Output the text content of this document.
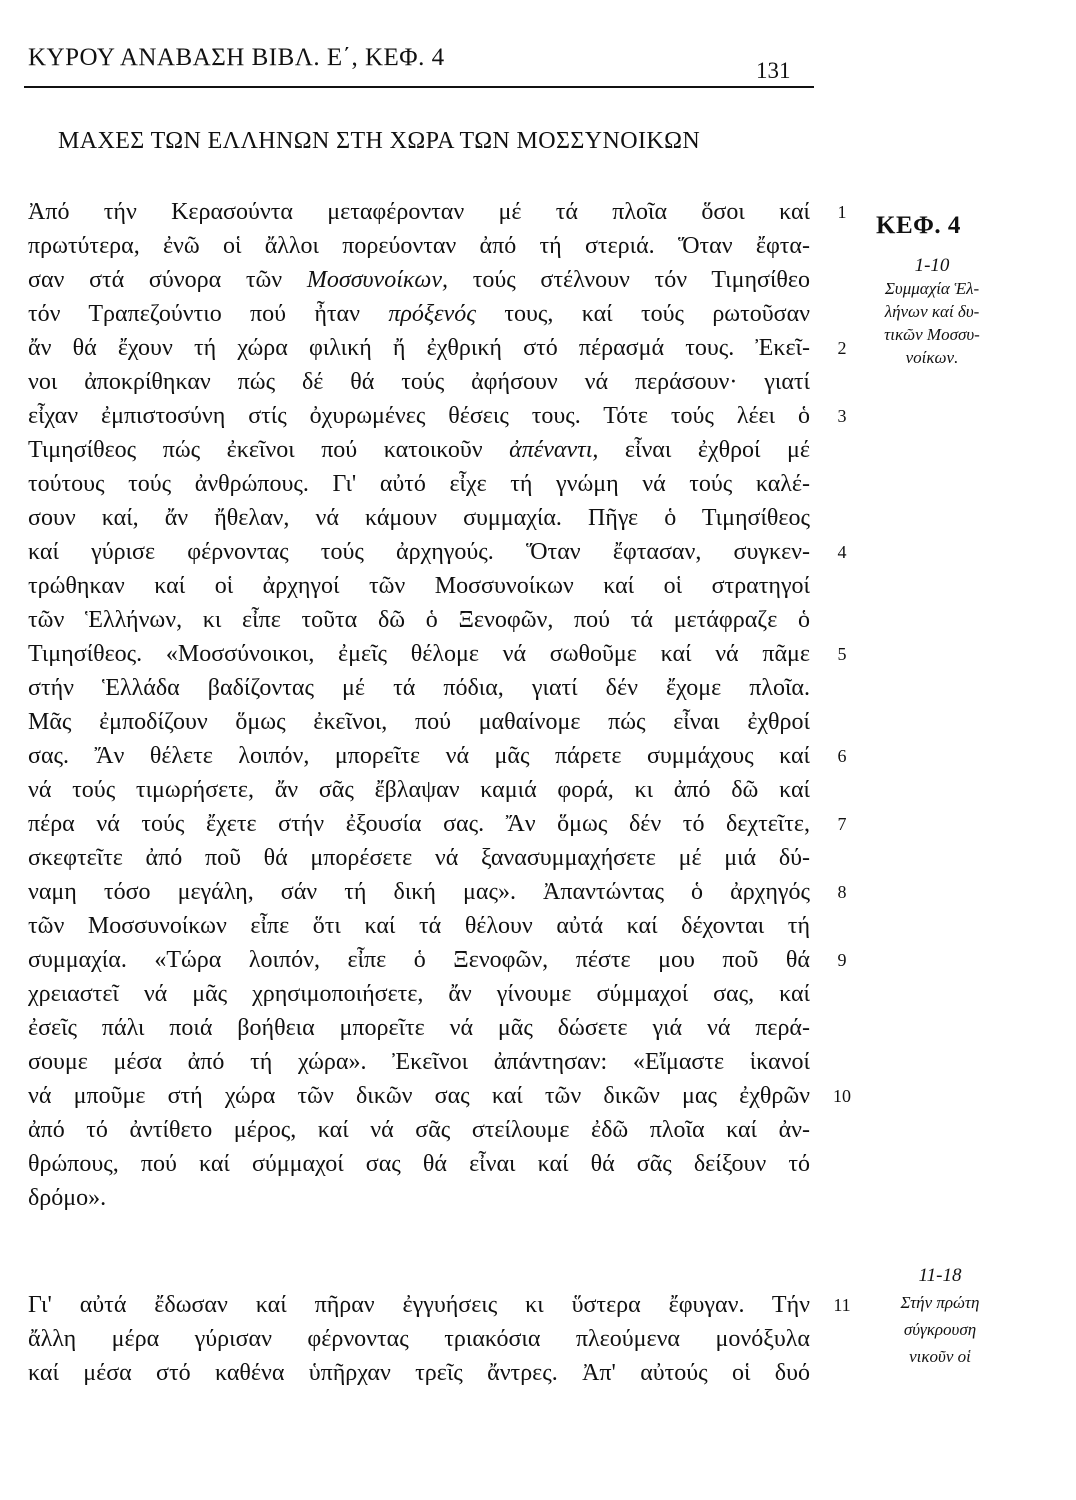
ΚΥΡΟΥ ΑΝΑΒΑΣΗ ΒΙΒΛ. Ε΄, ΚΕΦ. 4	131
ΜΑΧΕΣ ΤΩΝ ΕΛΛΗΝΩΝ ΣΤΗ ΧΩΡΑ ΤΩΝ ΜΟΣΣΥΝΟΙΚΩΝ
ΚΕΦ. 4
1-10
Συμμαχία Ἑλ-
λήνων καί δυ-
τικῶν Μοσσυ-
νοίκων.
11-18
Στήν πρώτη
σύγκρουση
νικοῦν οἱ
Ἀπό τήν Κερασούντα μεταφέρονταν μέ τά πλοῖα ὅσοι καί
πρωτύτερα, ἐνῶ οἱ ἄλλοι πορεύονταν ἀπό τή στεριά. Ὅταν ἔφτα-
σαν στά σύνορα τῶν Μοσσυνοίκων, τούς στέλνουν τόν Τιμησίθεο
τόν Τραπεζούντιο πού ἦταν πρόξενός τους, καί τούς ρωτοῦσαν
ἄν θά ἔχουν τή χώρα φιλική ἤ ἐχθρική στό πέρασμά τους. Ἐκεῖ-
νοι ἀποκρίθηκαν πώς δέ θά τούς ἀφήσουν νά περάσουν· γιατί
εἶχαν ἐμπιστοσύνη στίς ὀχυρωμένες θέσεις τους. Τότε τούς λέει ὁ
Τιμησίθεος πώς ἐκεῖνοι πού κατοικοῦν ἀπέναντι, εἶναι ἐχθροί μέ
τούτους τούς ἀνθρώπους. Γι' αὐτό εἶχε τή γνώμη νά τούς καλέ-
σουν καί, ἄν ἤθελαν, νά κάμουν συμμαχία. Πῆγε ὁ Τιμησίθεος
καί γύρισε φέρνοντας τούς ἀρχηγούς. Ὅταν ἔφτασαν, συγκεν-
τρώθηκαν καί οἱ ἀρχηγοί τῶν Μοσσυνοίκων καί οἱ στρατηγοί
τῶν Ἑλλήνων, κι εἶπε τοῦτα δῶ ὁ Ξενοφῶν, πού τά μετάφραζε ὁ
Τιμησίθεος. «Μοσσύνοικοι, ἐμεῖς θέλομε νά σωθοῦμε καί νά πᾶμε
στήν Ἑλλάδα βαδίζοντας μέ τά πόδια, γιατί δέν ἔχομε πλοῖα.
Μᾶς ἐμποδίζουν ὅμως ἐκεῖνοι, πού μαθαίνομε πώς εἶναι ἐχθροί
σας. Ἄν θέλετε λοιπόν, μπορεῖτε νά μᾶς πάρετε συμμάχους καί
νά τούς τιμωρήσετε, ἄν σᾶς ἔβλαψαν καμιά φορά, κι ἀπό δῶ καί
πέρα νά τούς ἔχετε στήν ἐξουσία σας. Ἄν ὅμως δέν τό δεχτεῖτε,
σκεφτεῖτε ἀπό ποῦ θά μπορέσετε νά ξανασυμμαχήσετε μέ μιά δύ-
ναμη τόσο μεγάλη, σάν τή δική μας». Ἀπαντώντας ὁ ἀρχηγός
τῶν Μοσσυνοίκων εἶπε ὅτι καί τά θέλουν αὐτά καί δέχονται τή
συμμαχία. «Τώρα λοιπόν, εἶπε ὁ Ξενοφῶν, πέστε μου ποῦ θά
χρειαστεῖ νά μᾶς χρησιμοποιήσετε, ἄν γίνουμε σύμμαχοί σας, καί
ἐσεῖς πάλι ποιά βοήθεια μπορεῖτε νά μᾶς δώσετε γιά νά περά-
σουμε μέσα ἀπό τή χώρα». Ἐκεῖνοι ἀπάντησαν: «Εἴμαστε ἱκανοί
νά μποῦμε στή χώρα τῶν δικῶν σας καί τῶν δικῶν μας ἐχθρῶν
ἀπό τό ἀντίθετο μέρος, καί νά σᾶς στείλουμε ἐδῶ πλοῖα καί ἀν-
θρώπους, πού καί σύμμαχοί σας θά εἶναι καί θά σᾶς δείξουν τό
δρόμο».
1
2
3
4
5
6
7
8
9
10
Γι' αὐτά ἔδωσαν καί πῆραν ἐγγυήσεις κι ὕστερα ἔφυγαν. Τήν
ἄλλη μέρα γύρισαν φέρνοντας τριακόσια πλεούμενα μονόξυλα
καί μέσα στό καθένα ὑπῆρχαν τρεῖς ἄντρες. Ἀπ' αὐτούς οἱ δυό
11
